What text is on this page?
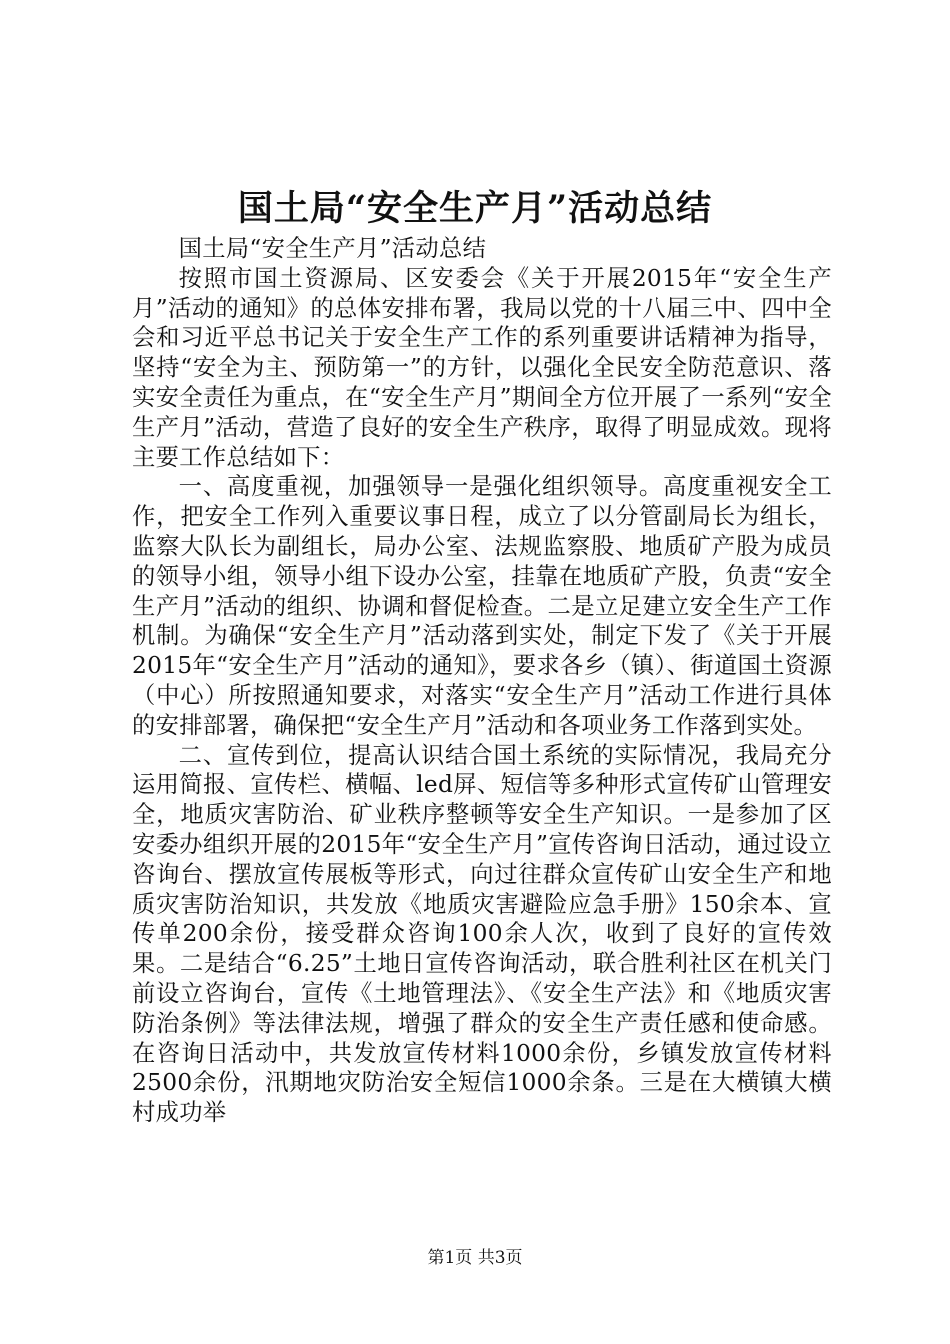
国土局“安全生产月”活动总结

国土局“安全生产月”活动总结

按照市国土资源局、区安委会《关于开展2015年“安全生产月”活动的通知》的总体安排布署，我局以党的十八届三中、四中全会和习近平总书记关于安全生产工作的系列重要讲话精神为指导，坚持“安全为主、预防第一”的方针，以强化全民安全防范意识、落实安全责任为重点，在“安全生产月”期间全方位开展了一系列“安全生产月”活动，营造了良好的安全生产秩序，取得了明显成效。现将主要工作总结如下：

一、高度重视，加强领导一是强化组织领导。高度重视安全工作，把安全工作列入重要议事日程，成立了以分管副局长为组长，监察大队长为副组长，局办公室、法规监察股、地质矿产股为成员的领导小组，领导小组下设办公室，挂靠在地质矿产股，负责“安全生产月”活动的组织、协调和督促检查。二是立足建立安全生产工作机制。为确保“安全生产月”活动落到实处，制定下发了《关于开展2015年“安全生产月”活动的通知》，要求各乡（镇）、街道国土资源（中心）所按照通知要求，对落实“安全生产月”活动工作进行具体的安排部署，确保把“安全生产月”活动和各项业务工作落到实处。

二、宣传到位，提高认识结合国土系统的实际情况，我局充分运用简报、宣传栏、横幅、led屏、短信等多种形式宣传矿山管理安全，地质灾害防治、矿业秩序整顿等安全生产知识。一是参加了区安委办组织开展的2015年“安全生产月”宣传咨询日活动，通过设立咨询台、摆放宣传展板等形式，向过往群众宣传矿山安全生产和地质灾害防治知识，共发放《地质灾害避险应急手册》150余本、宣传单200余份，接受群众咨询100余人次，收到了良好的宣传效果。二是结合“6.25”土地日宣传咨询活动，联合胜利社区在机关门前设立咨询台，宣传《土地管理法》、《安全生产法》和《地质灾害防治条例》等法律法规，增强了群众的安全生产责任感和使命感。在咨询日活动中，共发放宣传材料1000余份，乡镇发放宣传材料2500余份，汛期地灾防治安全短信1000余条。三是在大横镇大横村成功举

第1页 共3页
